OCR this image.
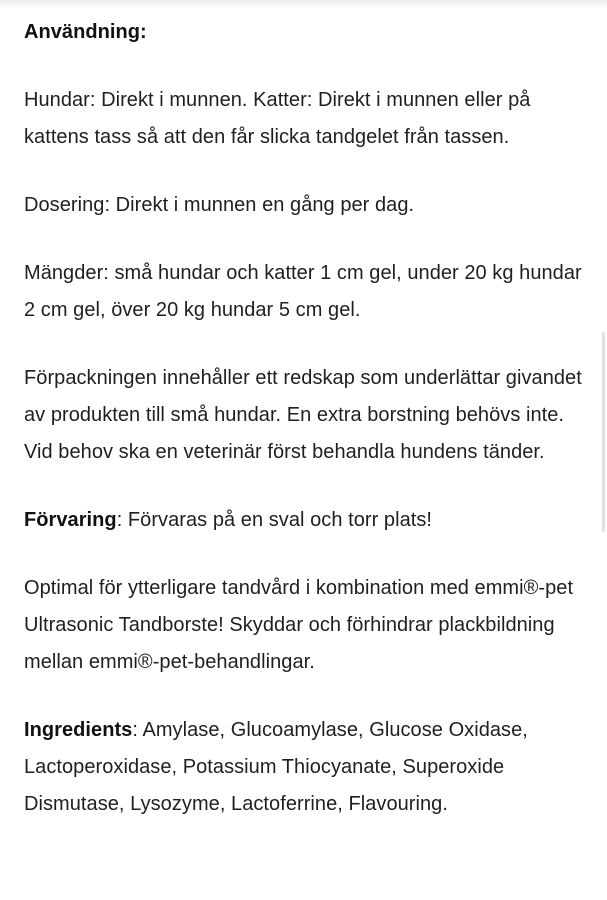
Användning:

Hundar: Direkt i munnen. Katter: Direkt i munnen eller på kattens tass så att den får slicka tandgelet från tassen.

Dosering: Direkt i munnen en gång per dag.

Mängder: små hundar och katter 1 cm gel, under 20 kg hundar 2 cm gel, över 20 kg hundar 5 cm gel.

Förpackningen innehåller ett redskap som underlättar givandet av produkten till små hundar. En extra borstning behövs inte. Vid behov ska en veterinär först behandla hundens tänder.

Förvaring: Förvaras på en sval och torr plats!

Optimal för ytterligare tandvård i kombination med emmi®-pet Ultrasonic Tandborste! Skyddar och förhindrar plackbildning mellan emmi®-pet-behandlingar.

Ingredients: Amylase, Glucoamylase, Glucose Oxidase, Lactoperoxidase, Potassium Thiocyanate, Superoxide Dismutase, Lysozyme, Lactoferrine, Flavouring.
